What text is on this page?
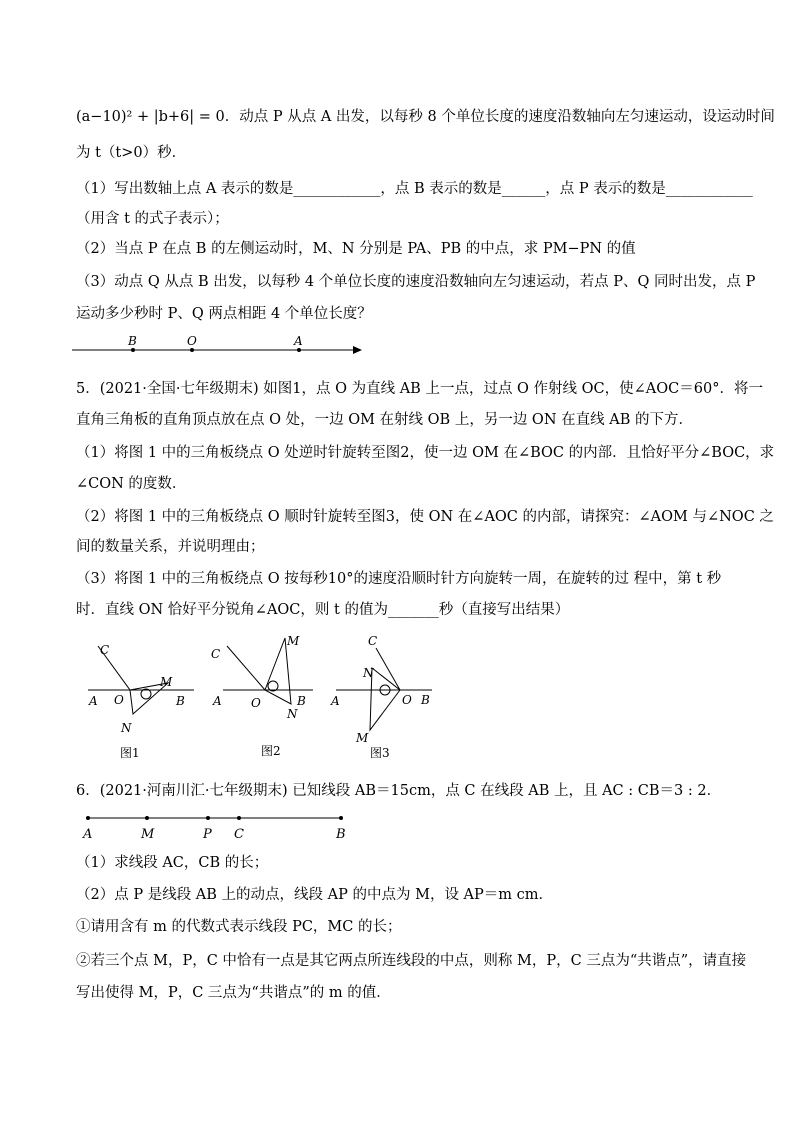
(a−10)² + |b+6| = 0．动点 P 从点 A 出发，以每秒 8 个单位长度的速度沿数轴向左匀速运动，设运动时间
为 t（t>0）秒．
（1）写出数轴上点 A 表示的数是____________，点 B 表示的数是______，点 P 表示的数是____________
（用含 t 的式子表示）；
（2）当点 P 在点 B 的左侧运动时，M、N 分别是 PA、PB 的中点，求 PM−PN 的值
（3）动点 Q 从点 B 出发，以每秒 4 个单位长度的速度沿数轴向左匀速运动，若点 P、Q 同时出发，点 P
运动多少秒时 P、Q 两点相距 4 个单位长度？
B	O	A
5．(2021·全国·七年级期末) 如图1，点 O 为直线 AB 上一点，过点 O 作射线 OC，使∠AOC＝60°．将一
直角三角板的直角顶点放在点 O 处，一边 OM 在射线 OB 上，另一边 ON 在直线 AB 的下方．
（1）将图 1 中的三角板绕点 O 处逆时针旋转至图2，使一边 OM 在∠BOC 的内部．且恰好平分∠BOC，求
∠CON 的度数．
（2）将图 1 中的三角板绕点 O 顺时针旋转至图3，使 ON 在∠AOC 的内部，请探究：∠AOM 与∠NOC 之
间的数量关系，并说明理由；
（3）将图 1 中的三角板绕点 O 按每秒10°的速度沿顺时针方向旋转一周，在旋转的过 程中，第 t 秒
时．直线 ON 恰好平分锐角∠AOC，则 t 的值为_______秒（直接写出结果）
C
A O
M
B
N
图1
C
A O
M
B
N
图2
C
N
A	O B
M
图3
6．(2021·河南川汇·七年级期末) 已知线段 AB＝15cm，点 C 在线段 AB 上，且 AC : CB＝3 : 2．
A	M	P C	B
（1）求线段 AC，CB 的长；
（2）点 P 是线段 AB 上的动点，线段 AP 的中点为 M，设 AP＝m cm．
①请用含有 m 的代数式表示线段 PC，MC 的长；
②若三个点 M，P，C 中恰有一点是其它两点所连线段的中点，则称 M，P，C 三点为“共谐点”，请直接
写出使得 M，P，C 三点为“共谐点”的 m 的值．
